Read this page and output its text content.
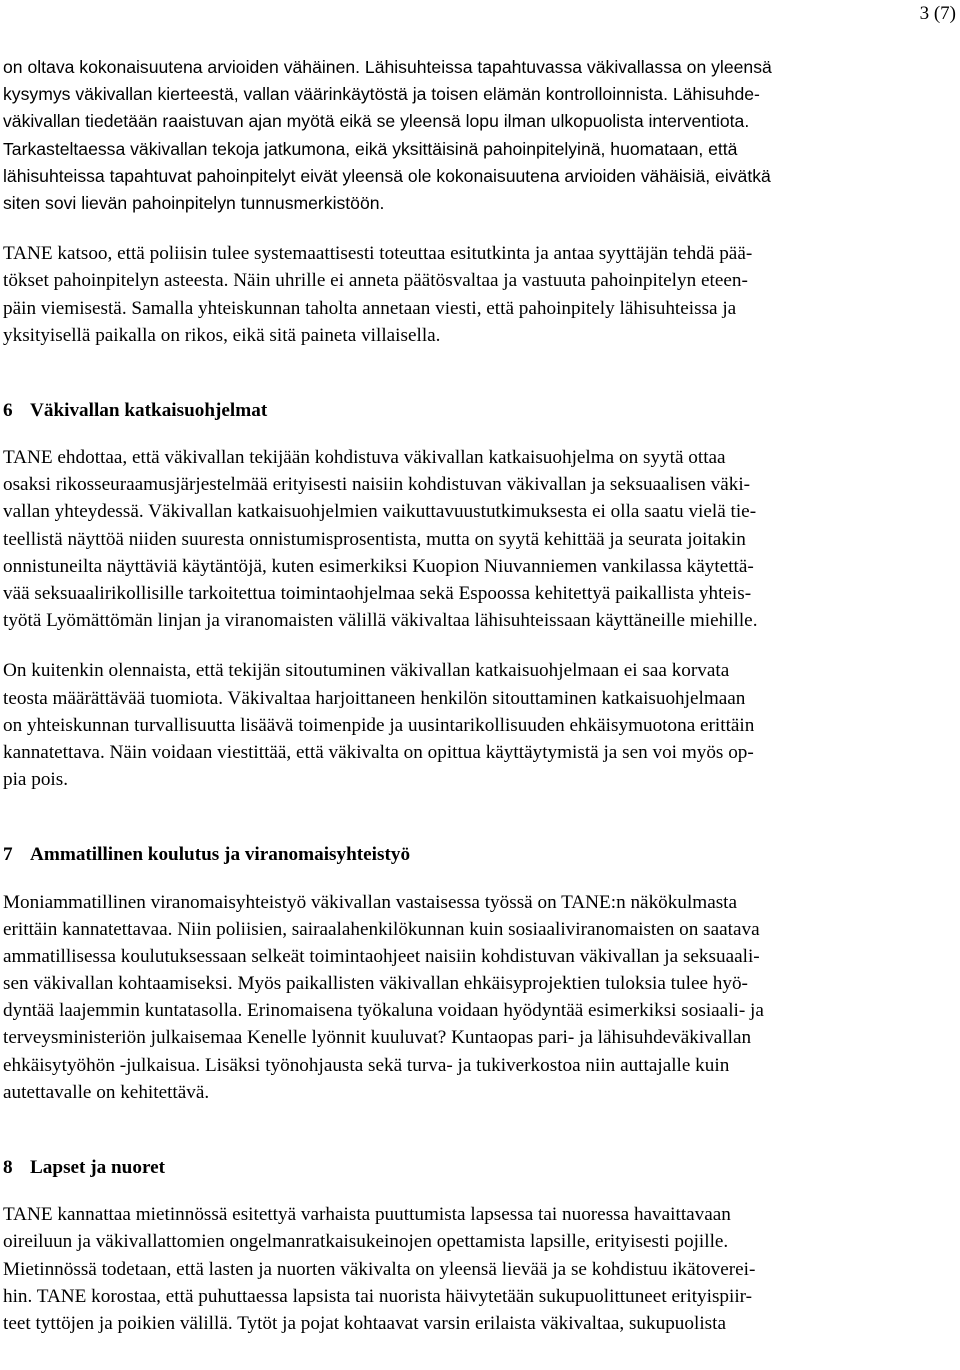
3 (7)
on oltava kokonaisuutena arvioiden vähäinen. Lähisuhteissa tapahtuvassa väkivallassa on yleensä
kysymys väkivallan kierteestä, vallan väärinkäytöstä ja toisen elämän kontrolloinnista. Lähisuhde-
väkivallan tiedetään raaistuvan ajan myötä eikä se yleensä lopu ilman ulkopuolista interventiota.
Tarkasteltaessa väkivallan tekoja jatkumona, eikä yksittäisinä pahoinpitelyinä, huomataan, että
lähisuhteissa tapahtuvat pahoinpitelyt eivät yleensä ole kokonaisuutena arvioiden vähäisiä, eivätkä
siten sovi lievän pahoinpitelyn tunnusmerkistöön.
TANE katsoo, että poliisin tulee systemaattisesti toteuttaa esitutkinta ja antaa syyttäjän tehdä pää-
tökset pahoinpitelyn asteesta. Näin uhrille ei anneta päätösvaltaa ja vastuuta pahoinpitelyn eteen-
päin viemisestä. Samalla yhteiskunnan taholta annetaan viesti, että pahoinpitely lähisuhteissa ja
yksityisellä paikalla on rikos, eikä sitä paineta villaisella.
6 Väkivallan katkaisuohjelmat
TANE ehdottaa, että väkivallan tekijään kohdistuva väkivallan katkaisuohjelma on syytä ottaa
osaksi rikosseuraamusjärjestelmää erityisesti naisiin kohdistuvan väkivallan ja seksuaalisen väki-
vallan yhteydessä. Väkivallan katkaisuohjelmien vaikuttavuustutkimuksesta ei olla saatu vielä tie-
teellistä näyttöä niiden suuresta onnistumisprosentista, mutta on syytä kehittää ja seurata joitakin
onnistuneilta näyttäviä käytäntöjä, kuten esimerkiksi Kuopion Niuvanniemen vankilassa käytettä-
vää seksuaalirikollisille tarkoitettua toimintaohjelmaa sekä Espoossa kehitettyä paikallista yhteis-
työtä Lyömättömän linjan ja viranomaisten välillä väkivaltaa lähisuhteissaan käyttäneille miehille.
On kuitenkin olennaista, että tekijän sitoutuminen väkivallan katkaisuohjelmaan ei saa korvata
teosta määrättävää tuomiota. Väkivaltaa harjoittaneen henkilön sitouttaminen katkaisuohjelmaan
on yhteiskunnan turvallisuutta lisäävä toimenpide ja uusintarikollisuuden ehkäisymuotona erittäin
kannatettava. Näin voidaan viestittää, että väkivalta on opittua käyttäytymistä ja sen voi myös op-
pia pois.
7 Ammatillinen koulutus ja viranomaisyhteistyö
Moniammatillinen viranomaisyhteistyö väkivallan vastaisessa työssä on TANE:n näkökulmasta
erittäin kannatettavaa. Niin poliisien, sairaalahenkilökunnan kuin sosiaaliviranomaisten on saatava
ammatillisessa koulutuksessaan selkeät toimintaohjeet naisiin kohdistuvan väkivallan ja seksuaali-
sen väkivallan kohtaamiseksi. Myös paikallisten väkivallan ehkäisyprojektien tuloksia tulee hyö-
dyntää laajemmin kuntatasolla. Erinomaisena työkaluna voidaan hyödyntää esimerkiksi sosiaali- ja
terveysministeriön julkaisemaa Kenelle lyönnit kuuluvat? Kuntaopas pari- ja lähisuhdeväkivallan
ehkäisytyöhön -julkaisua. Lisäksi työnohjausta sekä turva- ja tukiverkostoa niin auttajalle kuin
autettavalle on kehitettävä.
8 Lapset ja nuoret
TANE kannattaa mietinnössä esitettyä varhaista puuttumista lapsessa tai nuoressa havaittavaan
oireiluun ja väkivallattomien ongelmanratkaisukeinojen opettamista lapsille, erityisesti pojille.
Mietinnössä todetaan, että lasten ja nuorten väkivalta on yleensä lievää ja se kohdistuu ikätoverei-
hin. TANE korostaa, että puhuttaessa lapsista tai nuorista häivytetään sukupuolittuneet erityispiir-
teet tyttöjen ja poikien välillä. Tytöt ja pojat kohtaavat varsin erilaista väkivaltaa, sukupuolista
